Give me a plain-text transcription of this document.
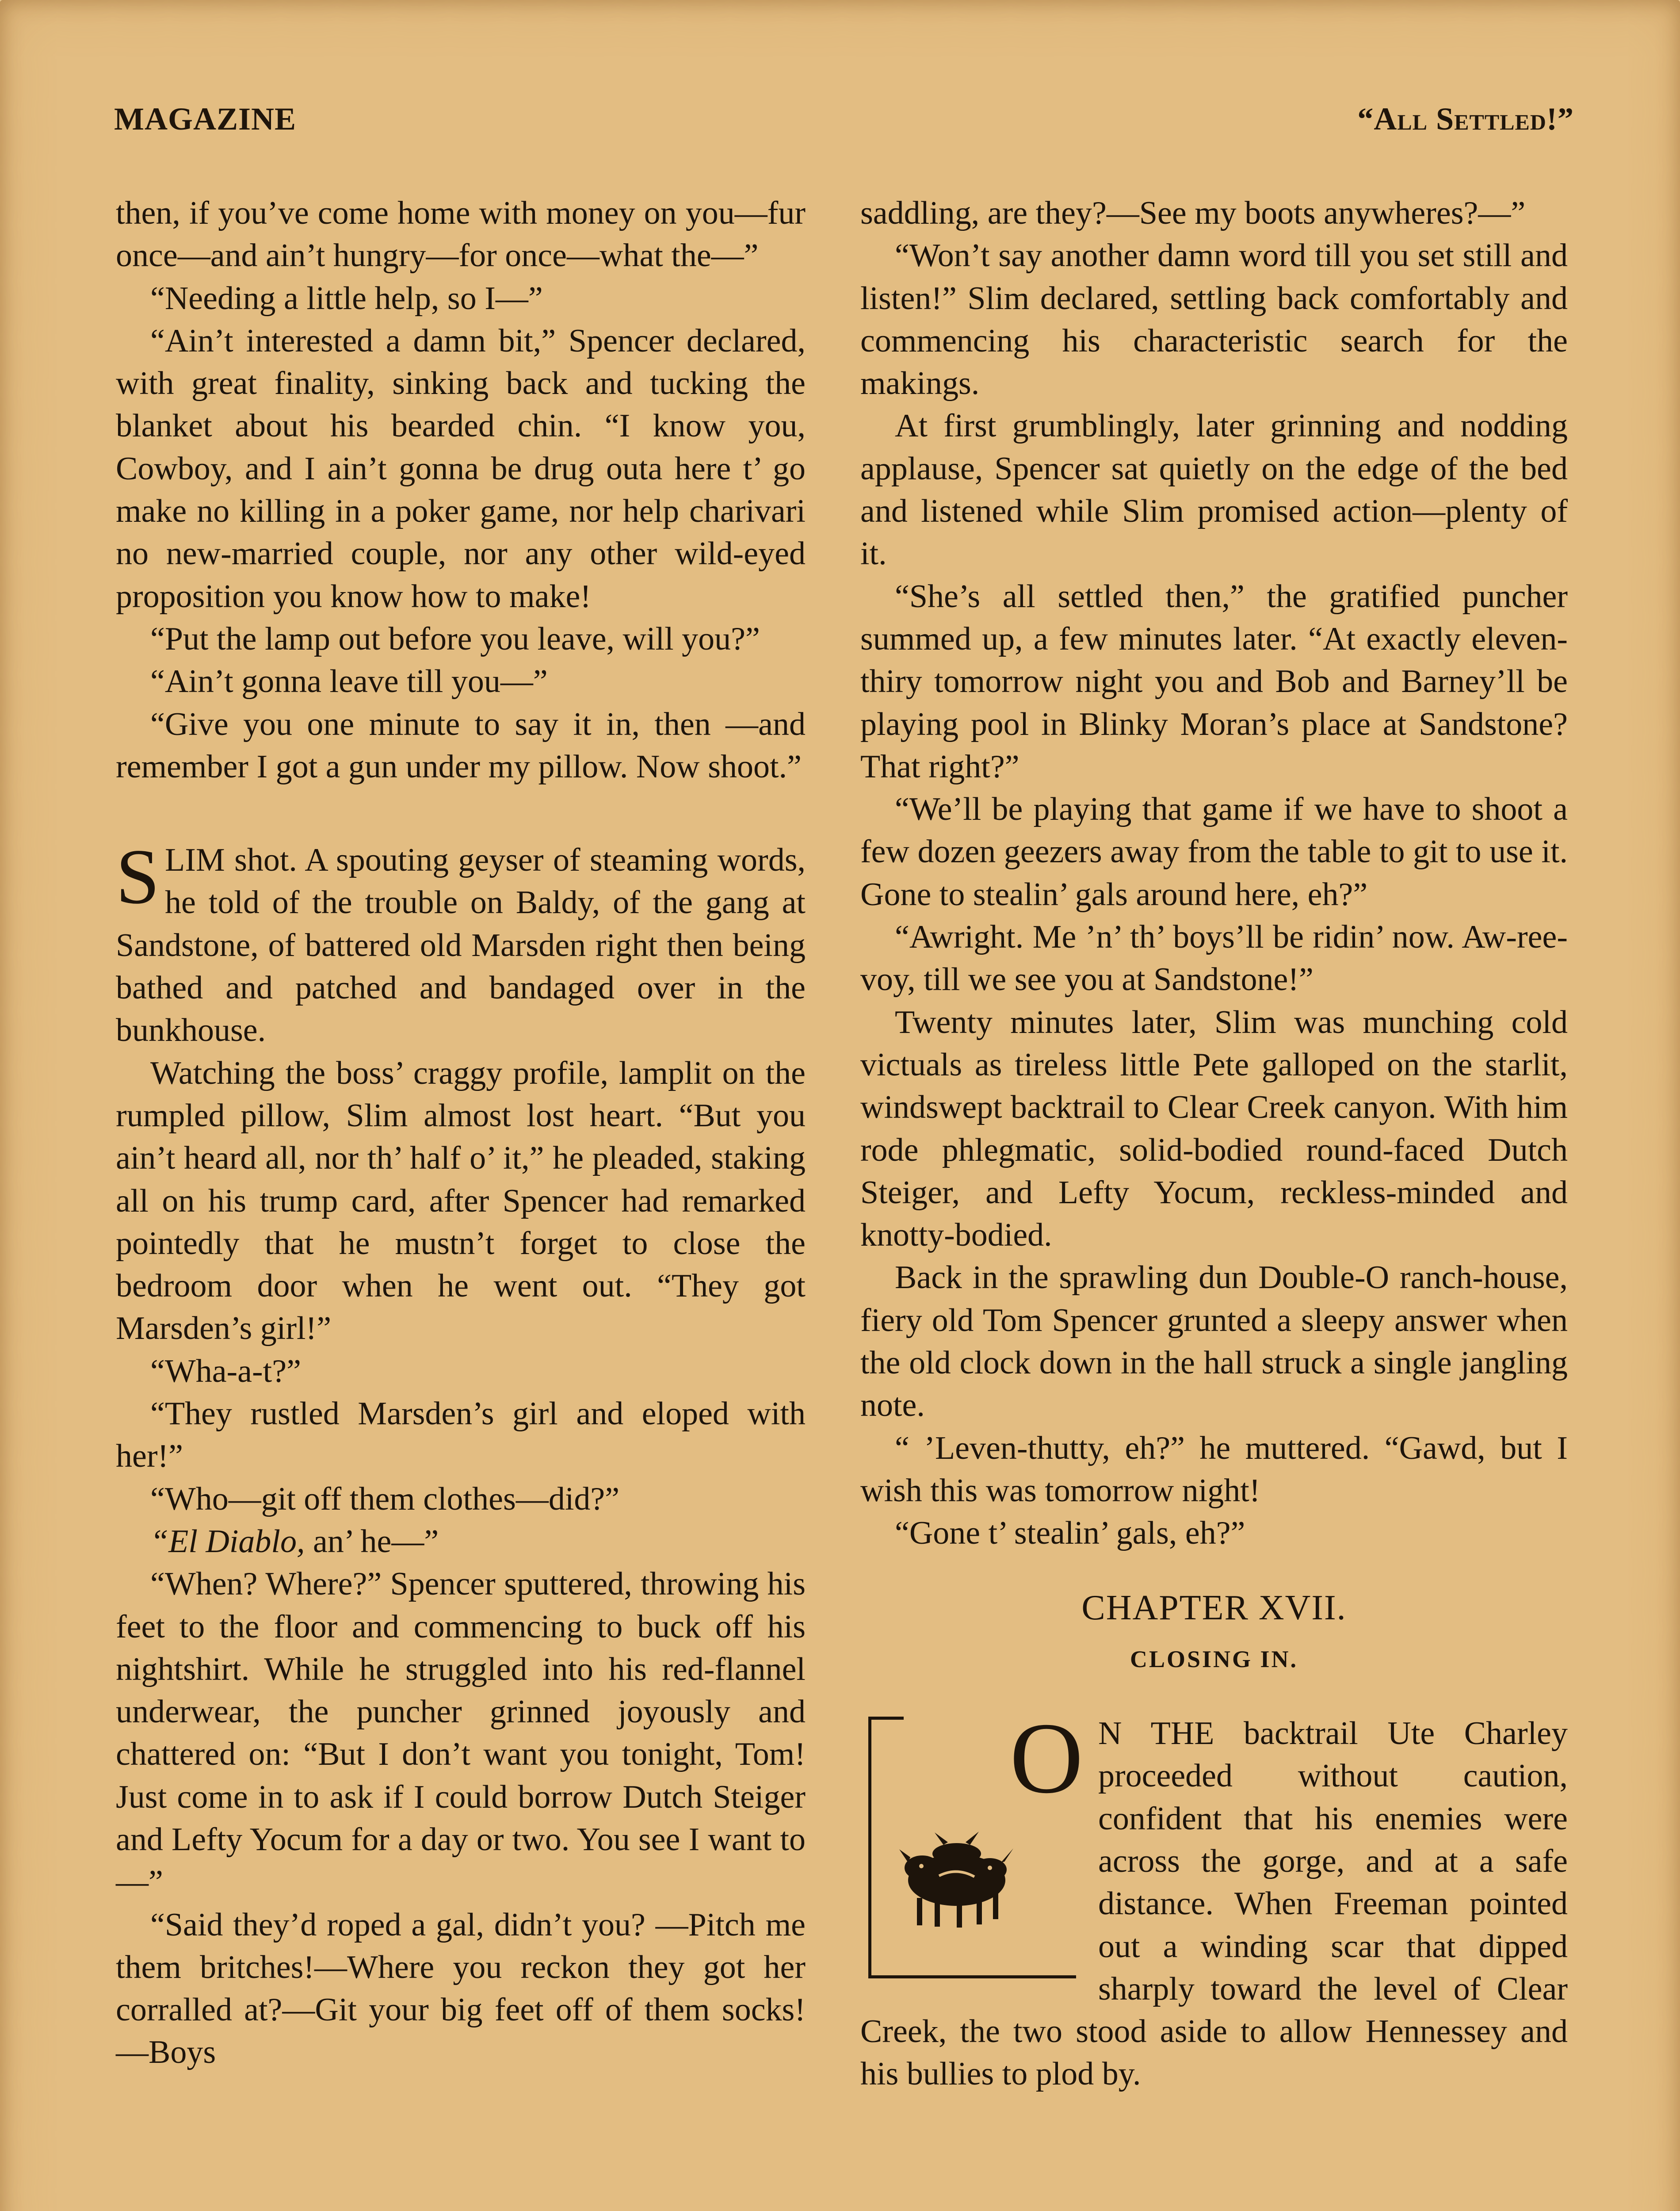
MAGAZINE	“All Settled!”

then, if you’ve come home with money on you—fur once—and ain’t hungry—for once—what the—”

“Needing a little help, so I—”

“Ain’t interested a damn bit,” Spencer declared, with great finality, sinking back and tucking the blanket about his bearded chin. “I know you, Cowboy, and I ain’t gonna be drug outa here t’ go make no killing in a poker game, nor help charivari no new-married couple, nor any other wild-eyed proposition you know how to make!

“Put the lamp out before you leave, will you?”

“Ain’t gonna leave till you—”

“Give you one minute to say it in, then —and remember I got a gun under my pillow. Now shoot.”

SLIM shot. A spouting geyser of steaming words, he told of the trouble on Baldy, of the gang at Sandstone, of battered old Marsden right then being bathed and patched and bandaged over in the bunkhouse.

Watching the boss’ craggy profile, lamplit on the rumpled pillow, Slim almost lost heart. “But you ain’t heard all, nor th’ half o’ it,” he pleaded, staking all on his trump card, after Spencer had remarked pointedly that he mustn’t forget to close the bedroom door when he went out. “They got Marsden’s girl!”

“Wha-a-t?”

“They rustled Marsden’s girl and eloped with her!”

“Who—git off them clothes—did?”

“El Diablo, an’ he—”

“When? Where?” Spencer sputtered, throwing his feet to the floor and commencing to buck off his nightshirt. While he struggled into his red-flannel underwear, the puncher grinned joyously and chattered on: “But I don’t want you tonight, Tom! Just come in to ask if I could borrow Dutch Steiger and Lefty Yocum for a day or two. You see I want to—”

“Said they’d roped a gal, didn’t you? —Pitch me them britches!—Where you reckon they got her corralled at?—Git your big feet off of them socks!—Boys

saddling, are they?—See my boots anywheres?—”

“Won’t say another damn word till you set still and listen!” Slim declared, settling back comfortably and commencing his characteristic search for the makings.

At first grumblingly, later grinning and nodding applause, Spencer sat quietly on the edge of the bed and listened while Slim promised action—plenty of it.

“She’s all settled then,” the gratified puncher summed up, a few minutes later. “At exactly eleven-thiry tomorrow night you and Bob and Barney’ll be playing pool in Blinky Moran’s place at Sandstone? That right?”

“We’ll be playing that game if we have to shoot a few dozen geezers away from the table to git to use it. Gone to stealin’ gals around here, eh?”

“Awright. Me ’n’ th’ boys’ll be ridin’ now. Aw-ree-voy, till we see you at Sandstone!”

Twenty minutes later, Slim was munching cold victuals as tireless little Pete galloped on the starlit, windswept backtrail to Clear Creek canyon. With him rode phlegmatic, solid-bodied round-faced Dutch Steiger, and Lefty Yocum, reckless-minded and knotty-bodied.

Back in the sprawling dun Double-O ranch-house, fiery old Tom Spencer grunted a sleepy answer when the old clock down in the hall struck a single jangling note.

“ ’Leven-thutty, eh?” he muttered. “Gawd, but I wish this was tomorrow night!

“Gone t’ stealin’ gals, eh?”

CHAPTER XVII.
CLOSING IN.
O N THE backtrail Ute Charley proceeded without caution, confident that his enemies were across the gorge, and at a safe distance. When Freeman pointed out a winding scar that dipped sharply toward the level of Clear Creek, the two stood aside to allow Hennessey and his bullies to plod by.
